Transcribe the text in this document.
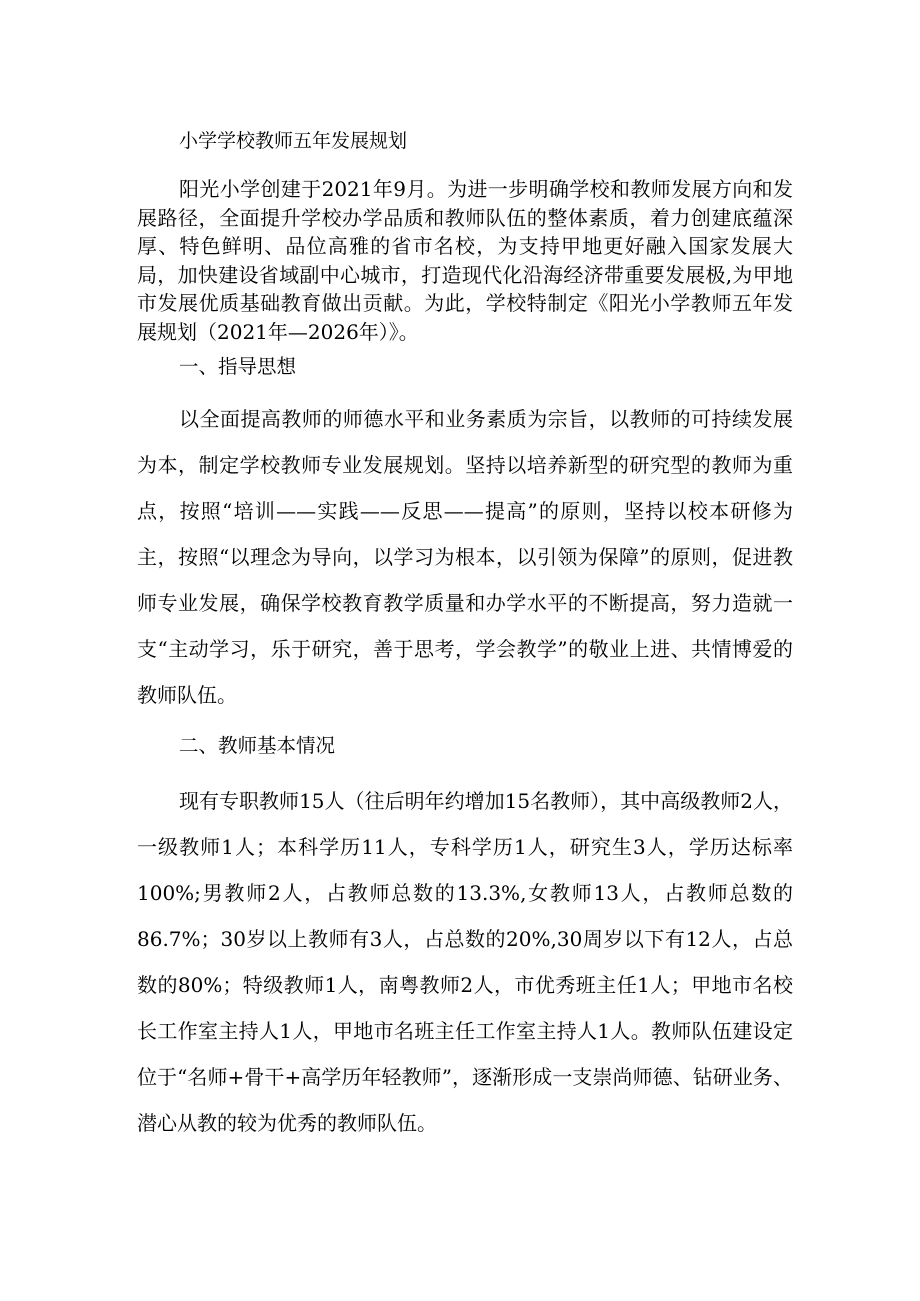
小学学校教师五年发展规划

阳光小学创建于2021年9月。为进一步明确学校和教师发展方向和发展路径，全面提升学校办学品质和教师队伍的整体素质，着力创建底蕴深厚、特色鲜明、品位高雅的省市名校，为支持甲地更好融入国家发展大局，加快建设省域副中心城市，打造现代化沿海经济带重要发展极,为甲地市发展优质基础教育做出贡献。为此，学校特制定《阳光小学教师五年发展规划（2021年—2026年）》。

一、指导思想

以全面提高教师的师德水平和业务素质为宗旨，以教师的可持续发展为本，制定学校教师专业发展规划。坚持以培养新型的研究型的教师为重点，按照“培训——实践——反思——提高”的原则，坚持以校本研修为主，按照“以理念为导向，以学习为根本，以引领为保障”的原则，促进教师专业发展，确保学校教育教学质量和办学水平的不断提高，努力造就一支“主动学习，乐于研究，善于思考，学会教学”的敬业上进、共情博爱的教师队伍。

二、教师基本情况

现有专职教师15人（往后明年约增加15名教师），其中高级教师2人，一级教师1人；本科学历11人，专科学历1人，研究生3人，学历达标率100%;男教师2人，占教师总数的13.3%,女教师13人，占教师总数的86.7%；30岁以上教师有3人，占总数的20%,30周岁以下有12人，占总数的80%；特级教师1人，南粤教师2人，市优秀班主任1人；甲地市名校长工作室主持人1人，甲地市名班主任工作室主持人1人。教师队伍建设定位于“名师+骨干+高学历年轻教师”，逐渐形成一支崇尚师德、钻研业务、潜心从教的较为优秀的教师队伍。
